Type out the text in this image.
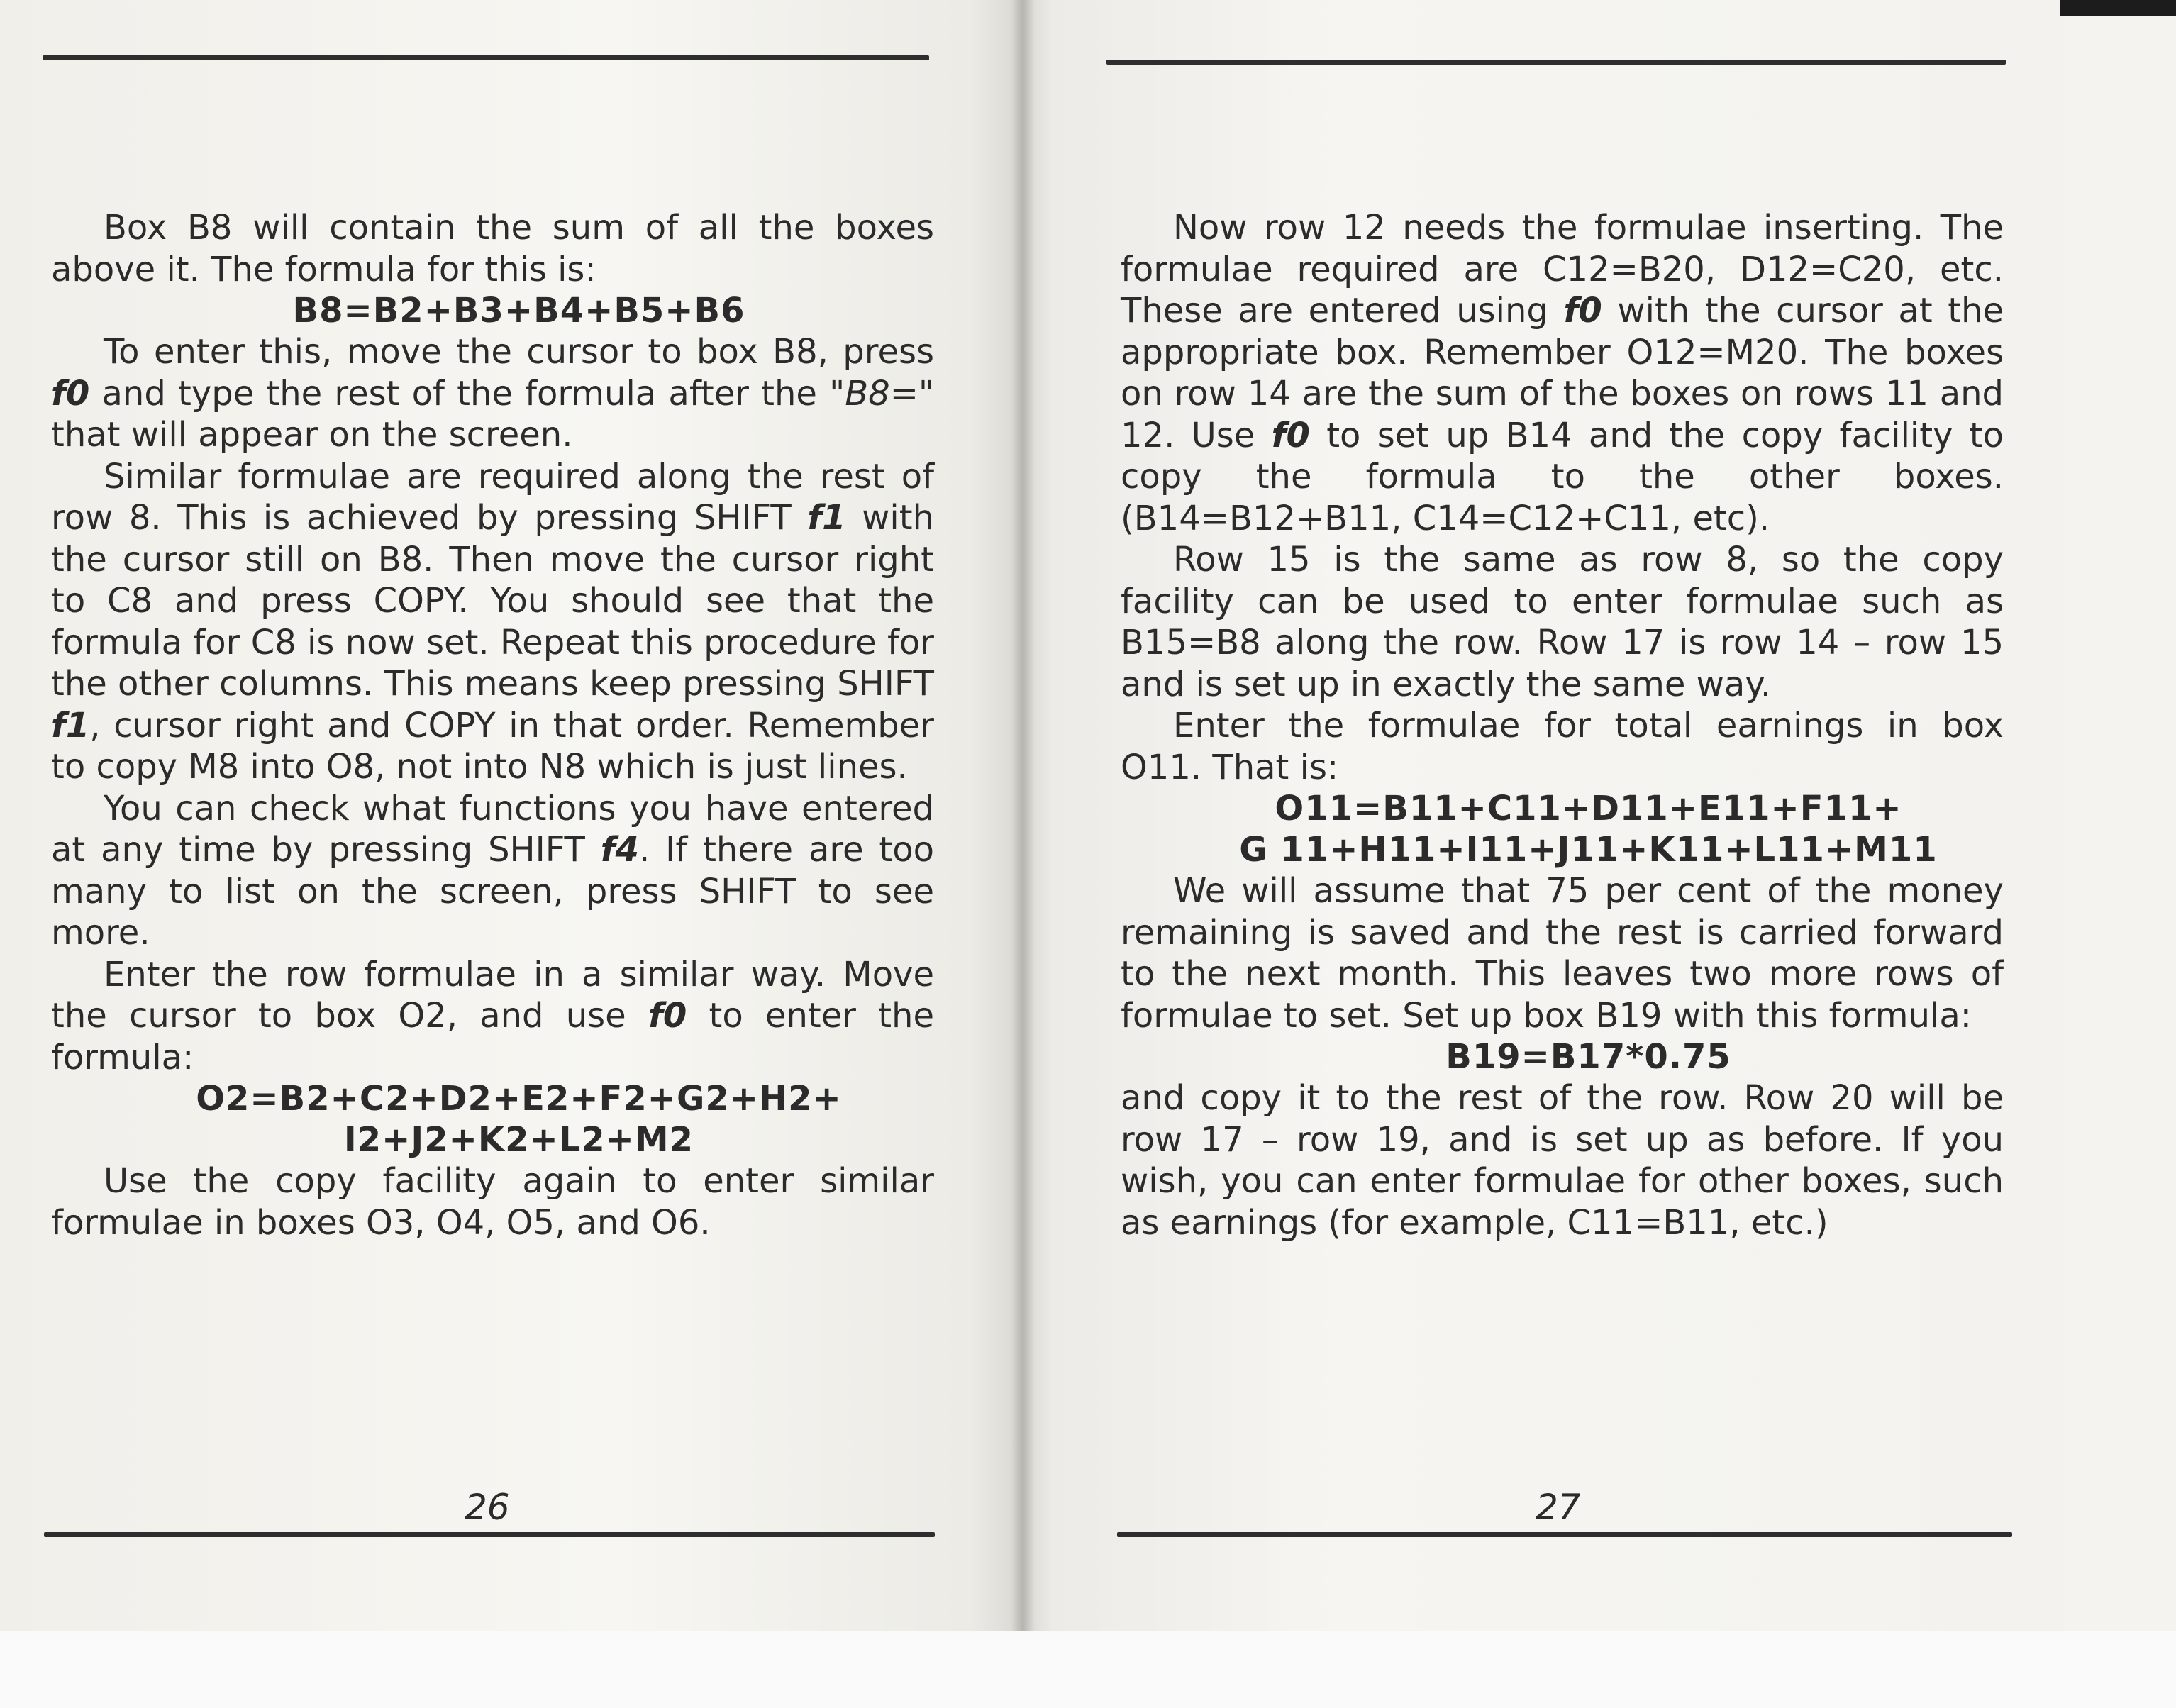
Box B8 will contain the sum of all the boxes above it. The formula for this is:

B8=B2+B3+B4+B5+B6

To enter this, move the cursor to box B8, press f0 and type the rest of the formula after the "B8=" that will appear on the screen.

Similar formulae are required along the rest of row 8. This is achieved by pressing SHIFT f1 with the cursor still on B8. Then move the cursor right to C8 and press COPY. You should see that the formula for C8 is now set. Repeat this procedure for the other columns. This means keep pressing SHIFT f1, cursor right and COPY in that order. Remember to copy M8 into O8, not into N8 which is just lines.

You can check what functions you have entered at any time by pressing SHIFT f4. If there are too many to list on the screen, press SHIFT to see more.

Enter the row formulae in a similar way. Move the cursor to box O2, and use f0 to enter the formula:

O2=B2+C2+D2+E2+F2+G2+H2+

I2+J2+K2+L2+M2

Use the copy facility again to enter similar formulae in boxes O3, O4, O5, and O6.

Now row 12 needs the formulae inserting. The formulae required are C12=B20, D12=C20, etc. These are entered using f0 with the cursor at the appropriate box. Remember O12=M20. The boxes on row 14 are the sum of the boxes on rows 11 and 12. Use f0 to set up B14 and the copy facility to copy the formula to the other boxes. (B14=B12+B11, C14=C12+C11, etc).

Row 15 is the same as row 8, so the copy facility can be used to enter formulae such as B15=B8 along the row. Row 17 is row 14 – row 15 and is set up in exactly the same way.

Enter the formulae for total earnings in box O11. That is:

O11=B11+C11+D11+E11+F11+

G 11+H11+I11+J11+K11+L11+M11

We will assume that 75 per cent of the money remaining is saved and the rest is carried forward to the next month. This leaves two more rows of formulae to set. Set up box B19 with this formula:

B19=B17*0.75

and copy it to the rest of the row. Row 20 will be row 17 – row 19, and is set up as before. If you wish, you can enter formulae for other boxes, such as earnings (for example, C11=B11, etc.)

26	27
